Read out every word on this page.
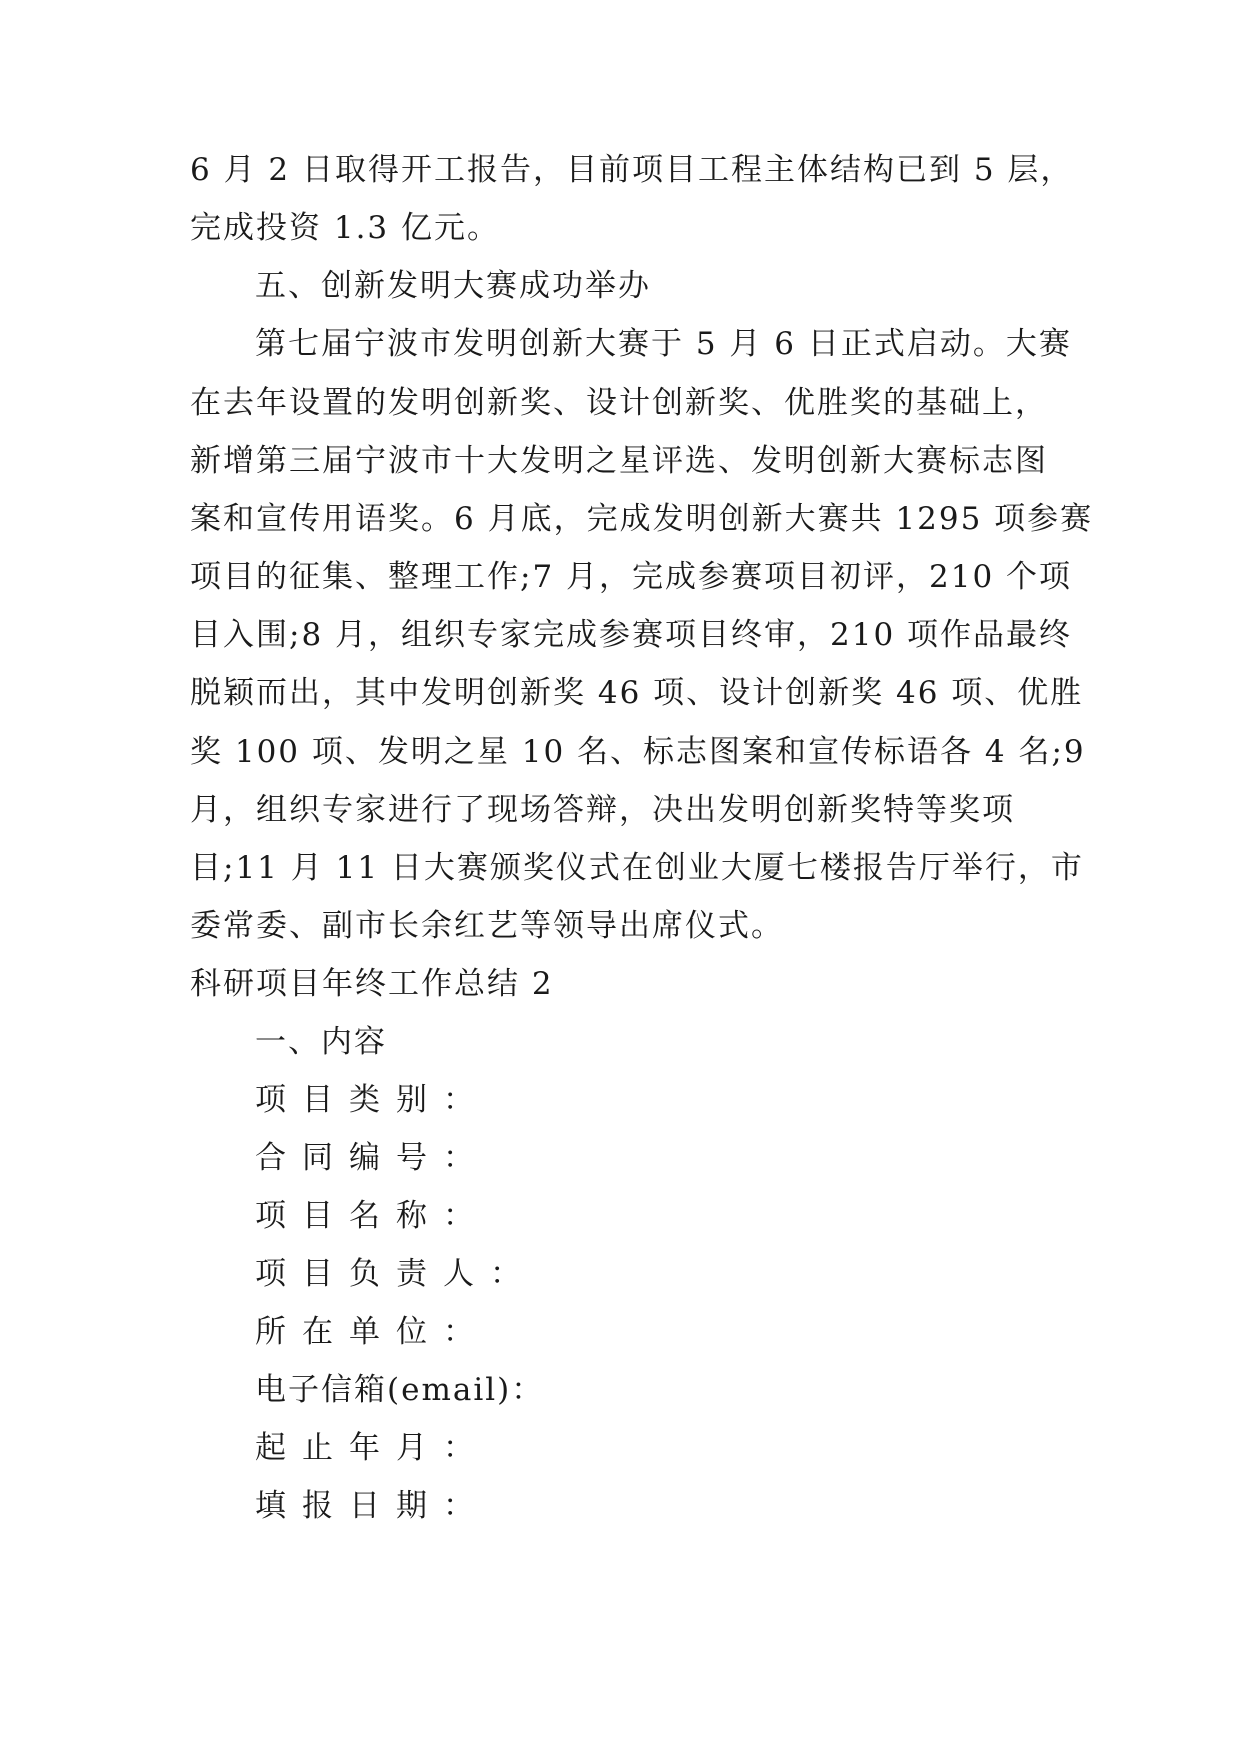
6 月 2 日取得开工报告，目前项目工程主体结构已到 5 层，
完成投资 1.3 亿元。
五、创新发明大赛成功举办
第七届宁波市发明创新大赛于 5 月 6 日正式启动。大赛
在去年设置的发明创新奖、设计创新奖、优胜奖的基础上，
新增第三届宁波市十大发明之星评选、发明创新大赛标志图
案和宣传用语奖。6 月底，完成发明创新大赛共 1295 项参赛
项目的征集、整理工作;7 月，完成参赛项目初评，210 个项
目入围;8 月，组织专家完成参赛项目终审，210 项作品最终
脱颖而出，其中发明创新奖 46 项、设计创新奖 46 项、优胜
奖 100 项、发明之星 10 名、标志图案和宣传标语各 4 名;9
月，组织专家进行了现场答辩，决出发明创新奖特等奖项
目;11 月 11 日大赛颁奖仪式在创业大厦七楼报告厅举行，市
委常委、副市长余红艺等领导出席仪式。
科研项目年终工作总结 2
一、内容
项目类别：
合同编号：
项目名称：
项目负责人：
所在单位：
电子信箱(email)：
起止年月：
填报日期：
